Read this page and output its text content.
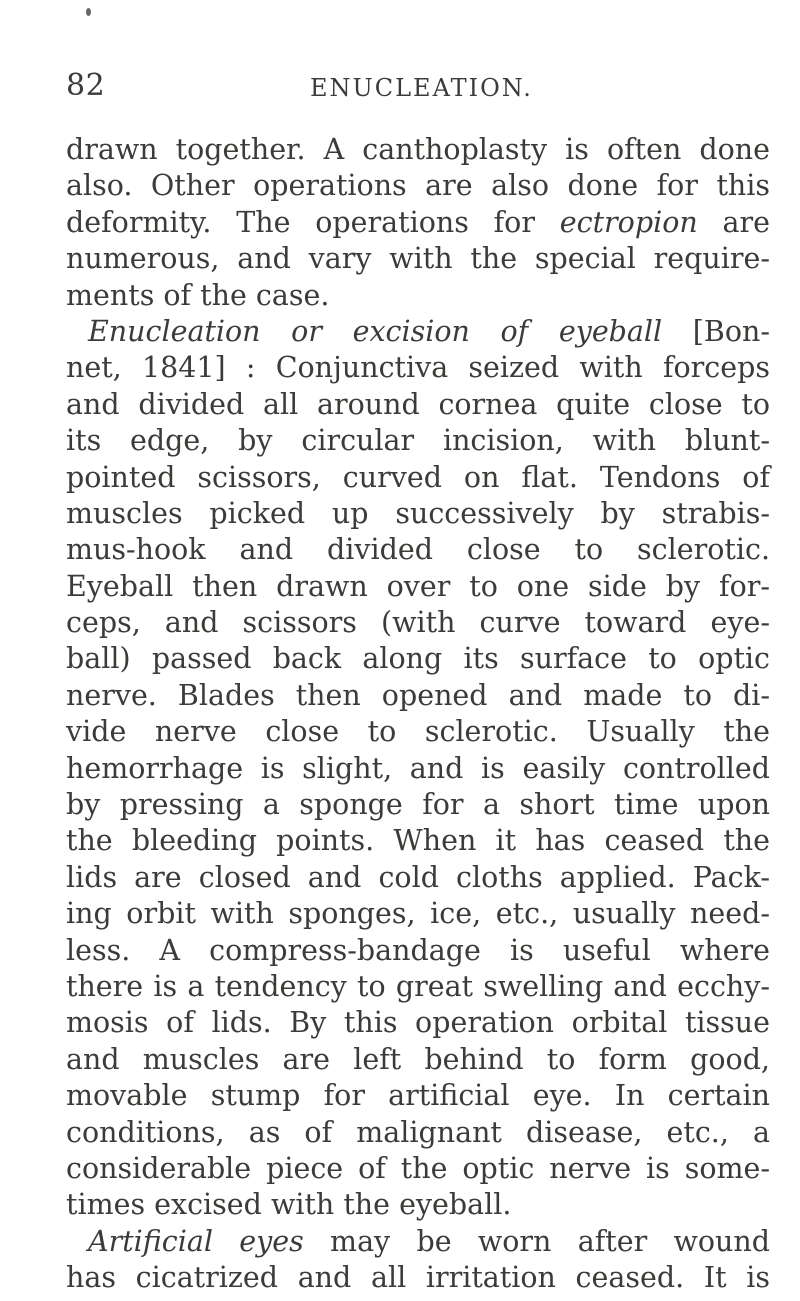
82	ENUCLEATION.
drawn together. A canthoplasty is often done
also. Other operations are also done for this
deformity. The operations for ectropion are
numerous, and vary with the special require-
ments of the case.
Enucleation or excision of eyeball [Bon-
net, 1841] : Conjunctiva seized with forceps
and divided all around cornea quite close to
its edge, by circular incision, with blunt-
pointed scissors, curved on flat. Tendons of
muscles picked up successively by strabis-
mus-hook and divided close to sclerotic.
Eyeball then drawn over to one side by for-
ceps, and scissors (with curve toward eye-
ball) passed back along its surface to optic
nerve. Blades then opened and made to di-
vide nerve close to sclerotic. Usually the
hemorrhage is slight, and is easily controlled
by pressing a sponge for a short time upon
the bleeding points. When it has ceased the
lids are closed and cold cloths applied. Pack-
ing orbit with sponges, ice, etc., usually need-
less. A compress-bandage is useful where
there is a tendency to great swelling and ecchy-
mosis of lids. By this operation orbital tissue
and muscles are left behind to form good,
movable stump for artificial eye. In certain
conditions, as of malignant disease, etc., a
considerable piece of the optic nerve is some-
times excised with the eyeball.
Artificial eyes may be worn after wound
has cicatrized and all irritation ceased. It is
